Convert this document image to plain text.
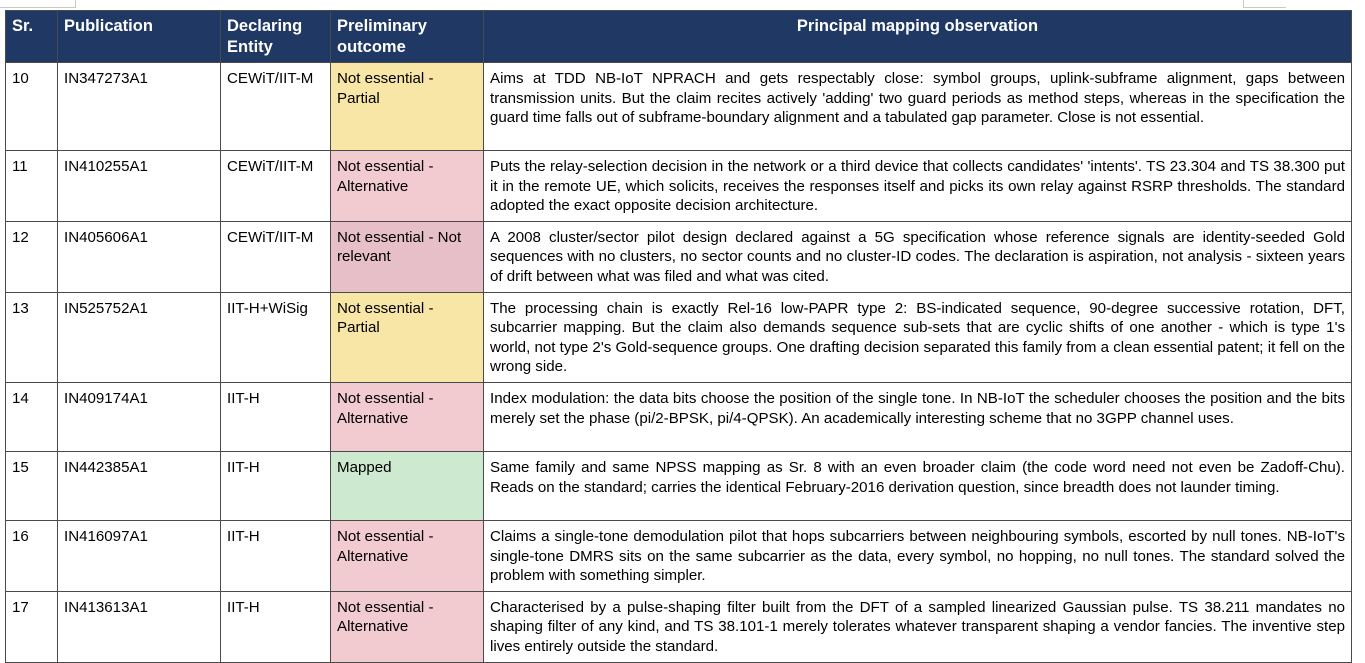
Sr.	Publication	Declaring Entity	Preliminary outcome	Principal mapping observation
10	IN347273A1	CEWiT/IIT-M	Not essential - Partial	Aims at TDD NB-IoT NPRACH and gets respectably close: symbol groups, uplink-subframe alignment, gaps between transmission units. But the claim recites actively 'adding' two guard periods as method steps, whereas in the specification the guard time falls out of subframe-boundary alignment and a tabulated gap parameter. Close is not essential.
11	IN410255A1	CEWiT/IIT-M	Not essential - Alternative	Puts the relay-selection decision in the network or a third device that collects candidates' 'intents'. TS 23.304 and TS 38.300 put it in the remote UE, which solicits, receives the responses itself and picks its own relay against RSRP thresholds. The standard adopted the exact opposite decision architecture.
12	IN405606A1	CEWiT/IIT-M	Not essential - Not relevant	A 2008 cluster/sector pilot design declared against a 5G specification whose reference signals are identity-seeded Gold sequences with no clusters, no sector counts and no cluster-ID codes. The declaration is aspiration, not analysis - sixteen years of drift between what was filed and what was cited.
13	IN525752A1	IIT-H+WiSig	Not essential - Partial	The processing chain is exactly Rel-16 low-PAPR type 2: BS-indicated sequence, 90-degree successive rotation, DFT, subcarrier mapping. But the claim also demands sequence sub-sets that are cyclic shifts of one another - which is type 1's world, not type 2's Gold-sequence groups. One drafting decision separated this family from a clean essential patent; it fell on the wrong side.
14	IN409174A1	IIT-H	Not essential - Alternative	Index modulation: the data bits choose the position of the single tone. In NB-IoT the scheduler chooses the position and the bits merely set the phase (pi/2-BPSK, pi/4-QPSK). An academically interesting scheme that no 3GPP channel uses.
15	IN442385A1	IIT-H	Mapped	Same family and same NPSS mapping as Sr. 8 with an even broader claim (the code word need not even be Zadoff-Chu). Reads on the standard; carries the identical February-2016 derivation question, since breadth does not launder timing.
16	IN416097A1	IIT-H	Not essential - Alternative	Claims a single-tone demodulation pilot that hops subcarriers between neighbouring symbols, escorted by null tones. NB-IoT's single-tone DMRS sits on the same subcarrier as the data, every symbol, no hopping, no null tones. The standard solved the problem with something simpler.
17	IN413613A1	IIT-H	Not essential - Alternative	Characterised by a pulse-shaping filter built from the DFT of a sampled linearized Gaussian pulse. TS 38.211 mandates no shaping filter of any kind, and TS 38.101-1 merely tolerates whatever transparent shaping a vendor fancies. The inventive step lives entirely outside the standard.
